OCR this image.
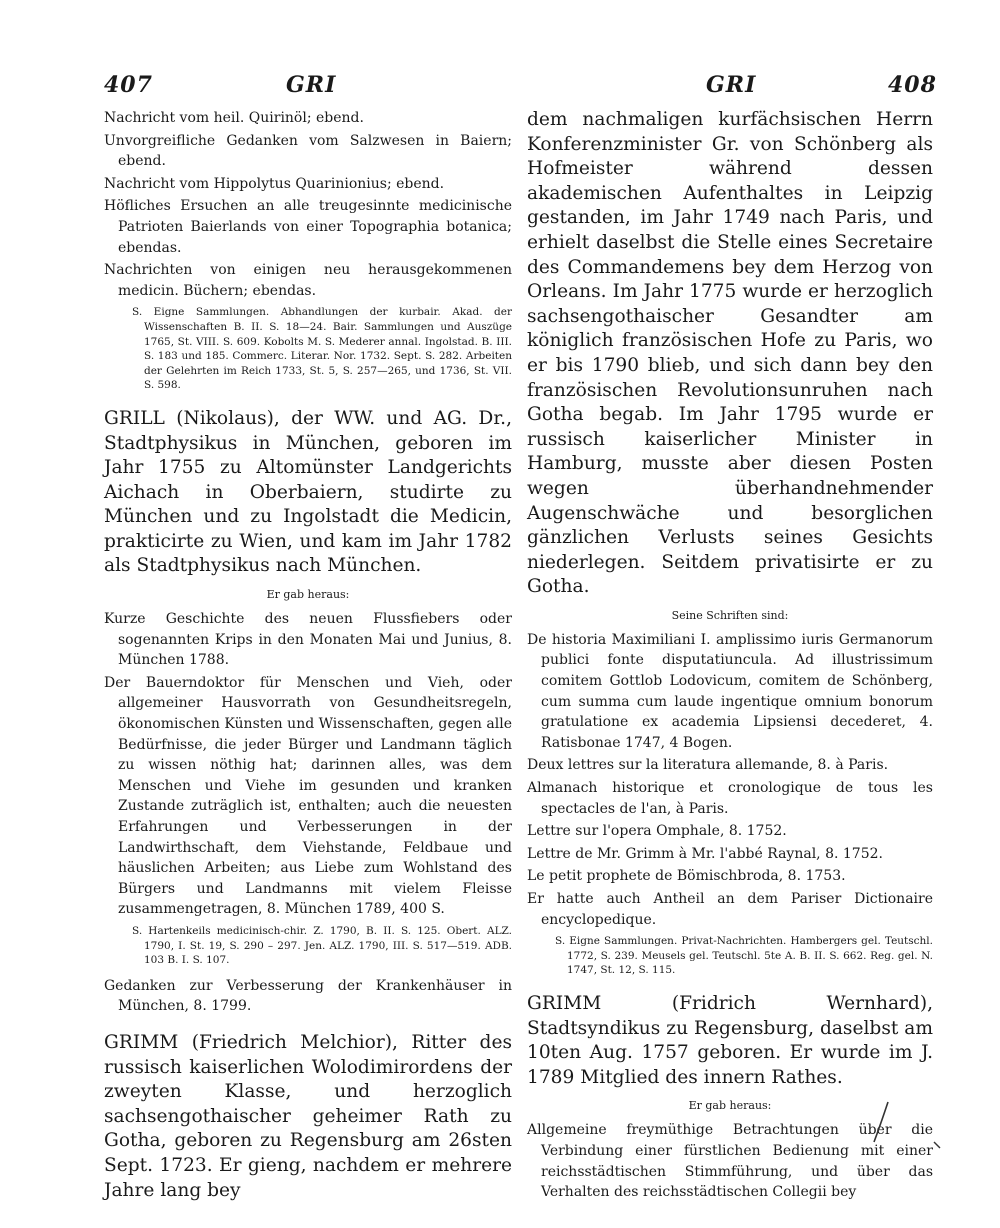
407	GRI	GRI	408

Nachricht vom heil. Quirinöl; ebend.

Unvorgreifliche Gedanken vom Salzwesen in Baiern; ebend.

Nachricht vom Hippolytus Quarinionius; ebend.

Höfliches Ersuchen an alle treugesinnte medicinische Patrioten Baierlands von einer Topographia botanica; ebendas.

Nachrichten von einigen neu herausgekommenen medicin. Büchern; ebendas.

S. Eigne Sammlungen. Abhandlungen der kurbair. Akad. der Wissenschaften B. II. S. 18—24. Bair. Sammlungen und Auszüge 1765, St. VIII. S. 609. Kobolts M. S. Mederer annal. Ingolstad. B. III. S. 183 und 185. Commerc. Literar. Nor. 1732. Sept. S. 282. Arbeiten der Gelehrten im Reich 1733, St. 5, S. 257—265, und 1736, St. VII. S. 598.

GRILL (Nikolaus), der WW. und AG. Dr., Stadtphysikus in München, geboren im Jahr 1755 zu Altomünster Landgerichts Aichach in Oberbaiern, studirte zu München und zu Ingolstadt die Medicin, prakticirte zu Wien, und kam im Jahr 1782 als Stadtphysikus nach München.

Er gab heraus:

Kurze Geschichte des neuen Flussfiebers oder sogenannten Krips in den Monaten Mai und Junius, 8. München 1788.

Der Bauerndoktor für Menschen und Vieh, oder allgemeiner Hausvorrath von Gesundheitsregeln, ökonomischen Künsten und Wissenschaften, gegen alle Bedürfnisse, die jeder Bürger und Landmann täglich zu wissen nöthig hat; darinnen alles, was dem Menschen und Viehe im gesunden und kranken Zustande zuträglich ist, enthalten; auch die neuesten Erfahrungen und Verbesserungen in der Landwirthschaft, dem Viehstande, Feldbaue und häuslichen Arbeiten; aus Liebe zum Wohlstand des Bürgers und Landmanns mit vielem Fleisse zusammengetragen, 8. München 1789, 400 S.

S. Hartenkeils medicinisch-chir. Z. 1790, B. II. S. 125. Obert. ALZ. 1790, I. St. 19, S. 290 – 297. Jen. ALZ. 1790, III. S. 517—519. ADB. 103 B. I. S. 107.

Gedanken zur Verbesserung der Krankenhäuser in München, 8. 1799.

GRIMM (Friedrich Melchior), Ritter des russisch kaiserlichen Wolodimirordens der zweyten Klasse, und herzoglich sachsengothaischer geheimer Rath zu Gotha, geboren zu Regensburg am 26sten Sept. 1723. Er gieng, nachdem er mehrere Jahre lang bey

dem nachmaligen kurfächsischen Herrn Konferenzminister Gr. von Schönberg als Hofmeister während dessen akademischen Aufenthaltes in Leipzig gestanden, im Jahr 1749 nach Paris, und erhielt daselbst die Stelle eines Secretaire des Commandemens bey dem Herzog von Orleans. Im Jahr 1775 wurde er herzoglich sachsengothaischer Gesandter am königlich französischen Hofe zu Paris, wo er bis 1790 blieb, und sich dann bey den französischen Revolutionsunruhen nach Gotha begab. Im Jahr 1795 wurde er russisch kaiserlicher Minister in Hamburg, musste aber diesen Posten wegen überhandnehmender Augenschwäche und besorglichen gänzlichen Verlusts seines Gesichts niederlegen. Seitdem privatisirte er zu Gotha.

Seine Schriften sind:

De historia Maximiliani I. amplissimo iuris Germanorum publici fonte disputatiuncula. Ad illustrissimum comitem Gottlob Lodovicum, comitem de Schönberg, cum summa cum laude ingentique omnium bonorum gratulatione ex academia Lipsiensi decederet, 4. Ratisbonae 1747, 4 Bogen.

Deux lettres sur la literatura allemande, 8. à Paris.

Almanach historique et cronologique de tous les spectacles de l'an, à Paris.

Lettre sur l'opera Omphale, 8. 1752.

Lettre de Mr. Grimm à Mr. l'abbé Raynal, 8. 1752.

Le petit prophete de Bömischbroda, 8. 1753.

Er hatte auch Antheil an dem Pariser Dictionaire encyclopedique.

S. Eigne Sammlungen. Privat-Nachrichten. Hambergers gel. Teutschl. 1772, S. 239. Meusels gel. Teutschl. 5te A. B. II. S. 662. Reg. gel. N. 1747, St. 12, S. 115.

GRIMM (Fridrich Wernhard), Stadtsyndikus zu Regensburg, daselbst am 10ten Aug. 1757 geboren. Er wurde im J. 1789 Mitglied des innern Rathes.

Er gab heraus:

Allgemeine freymüthige Betrachtungen über die Verbindung einer fürstlichen Bedienung mit einer reichsstädtischen Stimmführung, und über das Verhalten des reichsstädtischen Collegii bey
